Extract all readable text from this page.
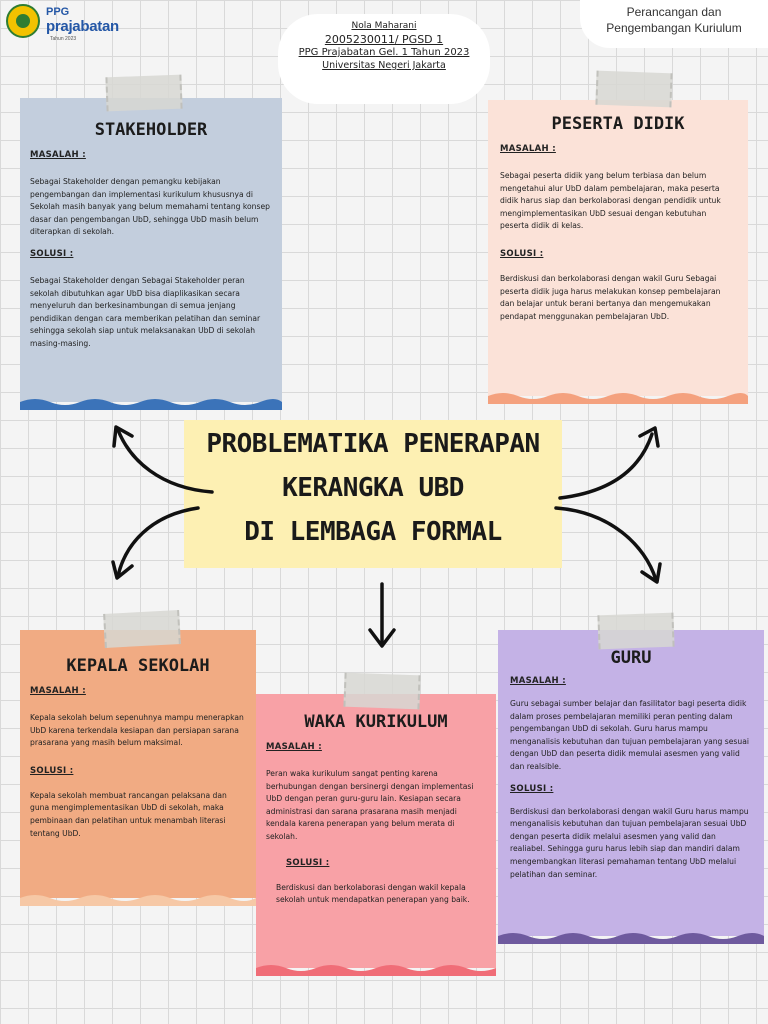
PPG
prajabatan
Tahun 2023
Nola Maharani
2005230011/ PGSD 1
PPG Prajabatan Gel. 1 Tahun 2023
Universitas Negeri Jakarta
Perancangan dan
Pengembangan Kuriulum
STAKEHOLDER

MASALAH :

Sebagai Stakeholder dengan pemangku kebijakan pengembangan dan implementasi kurikulum khususnya di Sekolah masih banyak yang belum memahami tentang konsep dasar dan pengembangan UbD, sehingga UbD masih belum diterapkan di sekolah.

SOLUSI :

Sebagai Stakeholder dengan Sebagai Stakeholder peran sekolah dibutuhkan agar UbD bisa diaplikasikan secara menyeluruh dan berkesinambungan di semua jenjang pendidikan dengan cara memberikan pelatihan dan seminar sehingga sekolah siap untuk melaksanakan UbD di sekolah masing-masing.

PESERTA DIDIK

MASALAH :

Sebagai peserta didik yang belum terbiasa dan belum mengetahui alur UbD dalam pembelajaran, maka peserta didik harus siap dan berkolaborasi dengan pendidik untuk mengimplementasikan UbD sesuai dengan kebutuhan peserta didik di kelas.

SOLUSI :

Berdiskusi dan berkolaborasi dengan wakil Guru Sebagai peserta didik juga harus melakukan konsep pembelajaran dan belajar untuk berani bertanya dan mengemukakan pendapat menggunakan pembelajaran UbD.

PROBLEMATIKA PENERAPAN
KERANGKA UBD
DI LEMBAGA FORMAL
KEPALA SEKOLAH

MASALAH :

Kepala sekolah belum sepenuhnya mampu menerapkan UbD karena terkendala kesiapan dan persiapan sarana prasarana yang masih belum maksimal.

SOLUSI :

Kepala sekolah membuat rancangan pelaksana dan guna mengimplementasikan UbD di sekolah, maka pembinaan dan pelatihan untuk menambah literasi tentang UbD.

WAKA KURIKULUM

MASALAH :

Peran waka kurikulum sangat penting karena berhubungan dengan bersinergi dengan implementasi UbD dengan peran guru-guru lain. Kesiapan secara administrasi dan sarana prasarana masih menjadi kendala karena penerapan yang belum merata di sekolah.

SOLUSI :

Berdiskusi dan berkolaborasi dengan wakil kepala sekolah untuk mendapatkan penerapan yang baik.

GURU

MASALAH :

Guru sebagai sumber belajar dan fasilitator bagi peserta didik dalam proses pembelajaran memiliki peran penting dalam pengembangan UbD di sekolah. Guru harus mampu menganalisis kebutuhan dan tujuan pembelajaran yang sesuai dengan UbD dan peserta didik memulai asesmen yang valid dan realsible.

SOLUSI :

Berdiskusi dan berkolaborasi dengan wakil Guru harus mampu menganalisis kebutuhan dan tujuan pembelajaran sesuai UbD dengan peserta didik melalui asesmen yang valid dan realiabel. Sehingga guru harus lebih siap dan mandiri dalam mengembangkan literasi pemahaman tentang UbD melalui pelatihan dan seminar.
